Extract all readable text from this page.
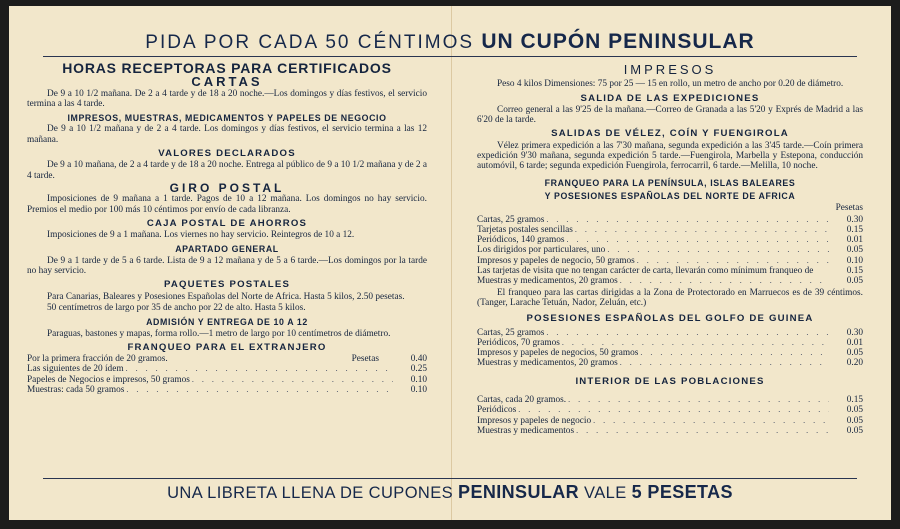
PIDA POR CADA 50 CÉNTIMOS UN CUPÓN PENINSULAR
HORAS RECEPTORAS PARA CERTIFICADOS
CARTAS

De 9 a 10 1/2 mañana. De 2 a 4 tarde y de 18 a 20 noche.—Los domingos y días festivos, el servicio termina a las 4 tarde.

IMPRESOS, MUESTRAS, MEDICAMENTOS Y PAPELES DE NEGOCIO

De 9 a 10 1/2 mañana y de 2 a 4 tarde. Los domingos y días festivos, el servicio termina a las 12 mañana.

VALORES DECLARADOS

De 9 a 10 mañana, de 2 a 4 tarde y de 18 a 20 noche. Entrega al público de 9 a 10 1/2 mañana y de 2 a 4 tarde.

GIRO POSTAL

Imposiciones de 9 mañana a 1 tarde. Pagos de 10 a 12 mañana. Los domingos no hay servicio. Premios el medio por 100 más 10 céntimos por envío de cada libranza.

CAJA POSTAL DE AHORROS

Imposiciones de 9 a 1 mañana. Los viernes no hay servicio. Reintegros de 10 a 12.

APARTADO GENERAL

De 9 a 1 tarde y de 5 a 6 tarde. Lista de 9 a 12 mañana y de 5 a 6 tarde.—Los domingos por la tarde no hay servicio.

PAQUETES POSTALES

Para Canarias, Baleares y Posesiones Españolas del Norte de Africa. Hasta 5 kilos, 2.50 pesetas.

50 centímetros de largo por 35 de ancho por 22 de alto. Hasta 5 kilos.

ADMISIÓN Y ENTREGA DE 10 A 12

Paraguas, bastones y mapas, forma rollo.—1 metro de largo por 10 centímetros de diámetro.

FRANQUEO PARA EL EXTRANJERO
Por la primera fracción de 20 gramos.	Pesetas	0.40
Las siguientes de 20 ídem . . .	0.25
Papeles de Negocios e impresos, 50 gramos . . .	0.10
Muestras: cada 50 gramos . . .	0.10
IMPRESOS

Peso 4 kilos Dimensiones: 75 por 25 — 15 en rollo, un metro de ancho por 0.20 de diámetro.

SALIDA DE LAS EXPEDICIONES

Correo general a las 9'25 de la mañana.—Correo de Granada a las 5'20 y Exprés de Madrid a las 6'20 de la tarde.

SALIDAS DE VÉLEZ, COÍN Y FUENGIROLA

Vélez primera expedición a las 7'30 mañana, segunda expedición a las 3'45 tarde.—Coín primera expedición 9'30 mañana, segunda expedición 5 tarde.—Fuengirola, Marbella y Estepona, conducción automóvil, 6 tarde; segunda expedición Fuengirola, ferrocarril, 6 tarde.—Melilla, 10 noche.

FRANQUEO PARA LA PENÍNSULA, ISLAS BALEARES
Y POSESIONES ESPAÑOLAS DEL NORTE DE AFRICA
Pesetas
Cartas, 25 gramos . . .	0.30
Tarjetas postales sencillas . . .	0.15
Periódicos, 140 gramos . . .	0.01
Los dirigidos por particulares, uno . . .	0.05
Impresos y papeles de negocio, 50 gramos . . .	0.10
Las tarjetas de visita que no tengan carácter de carta, llevarán como mínimum franqueo de	0.15
Muestras y medicamentos, 20 gramos . . .	0.05

El franqueo para las cartas dirigidas a la Zona de Protectorado en Marruecos es de 39 céntimos. (Tanger, Larache Tetuán, Nador, Zeluán, etc.)

POSESIONES ESPAÑOLAS DEL GOLFO DE GUINEA
Cartas, 25 gramos . . .	0.30
Periódicos, 70 gramos . . .	0.01
Impresos y papeles de negocios, 50 gramos . . .	0.05
Muestras y medicamentos, 20 gramos . . .	0.20
INTERIOR DE LAS POBLACIONES
Cartas, cada 20 gramos. . . .	0.15
Periódicos . . .	0.05
Impresos y papeles de negocio . . .	0.05
Muestras y medicamentos . . .	0.05
UNA LIBRETA LLENA DE CUPONES PENINSULAR VALE 5 PESETAS
